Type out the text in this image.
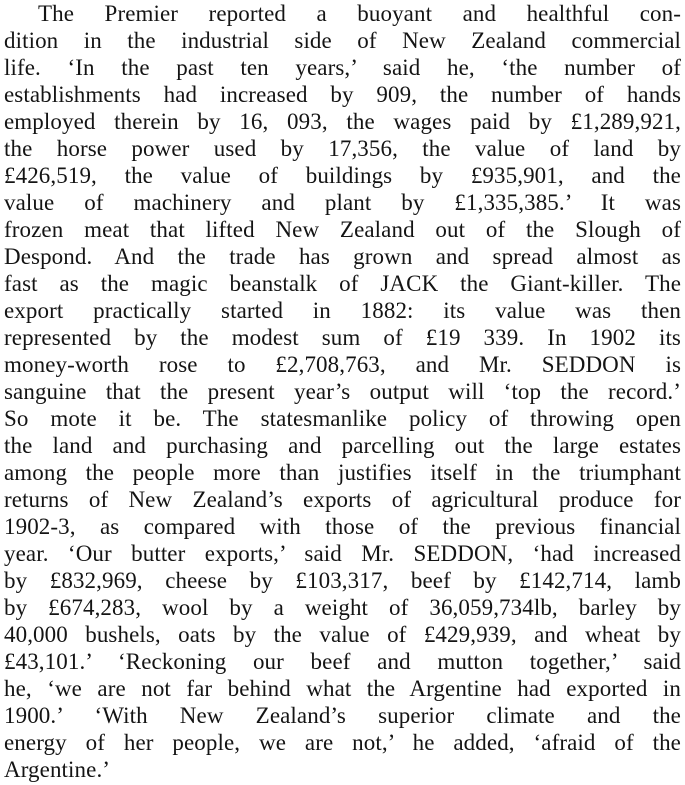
The Premier reported a buoyant and healthful con-
dition in the industrial side of New Zealand commercial
life. ‘In the past ten years,’ said he, ‘the number of
establishments had increased by 909, the number of hands
employed therein by 16, 093, the wages paid by £1,289,921,
the horse power used by 17,356, the value of land by
£426,519, the value of buildings by £935,901, and the
value of machinery and plant by £1,335,385.’ It was
frozen meat that lifted New Zealand out of the Slough of
Despond. And the trade has grown and spread almost as
fast as the magic beanstalk of JACK the Giant-killer. The
export practically started in 1882: its value was then
represented by the modest sum of £19 339. In 1902 its
money-worth rose to £2,708,763, and Mr. SEDDON is
sanguine that the present year’s output will ‘top the record.’
So mote it be. The statesmanlike policy of throwing open
the land and purchasing and parcelling out the large estates
among the people more than justifies itself in the triumphant
returns of New Zealand’s exports of agricultural produce for
1902-3, as compared with those of the previous financial
year. ‘Our butter exports,’ said Mr. SEDDON, ‘had increased
by £832,969, cheese by £103,317, beef by £142,714, lamb
by £674,283, wool by a weight of 36,059,734lb, barley by
40,000 bushels, oats by the value of £429,939, and wheat by
£43,101.’ ‘Reckoning our beef and mutton together,’ said
he, ‘we are not far behind what the Argentine had exported in
1900.’ ‘With New Zealand’s superior climate and the
energy of her people, we are not,’ he added, ‘afraid of the
Argentine.’
